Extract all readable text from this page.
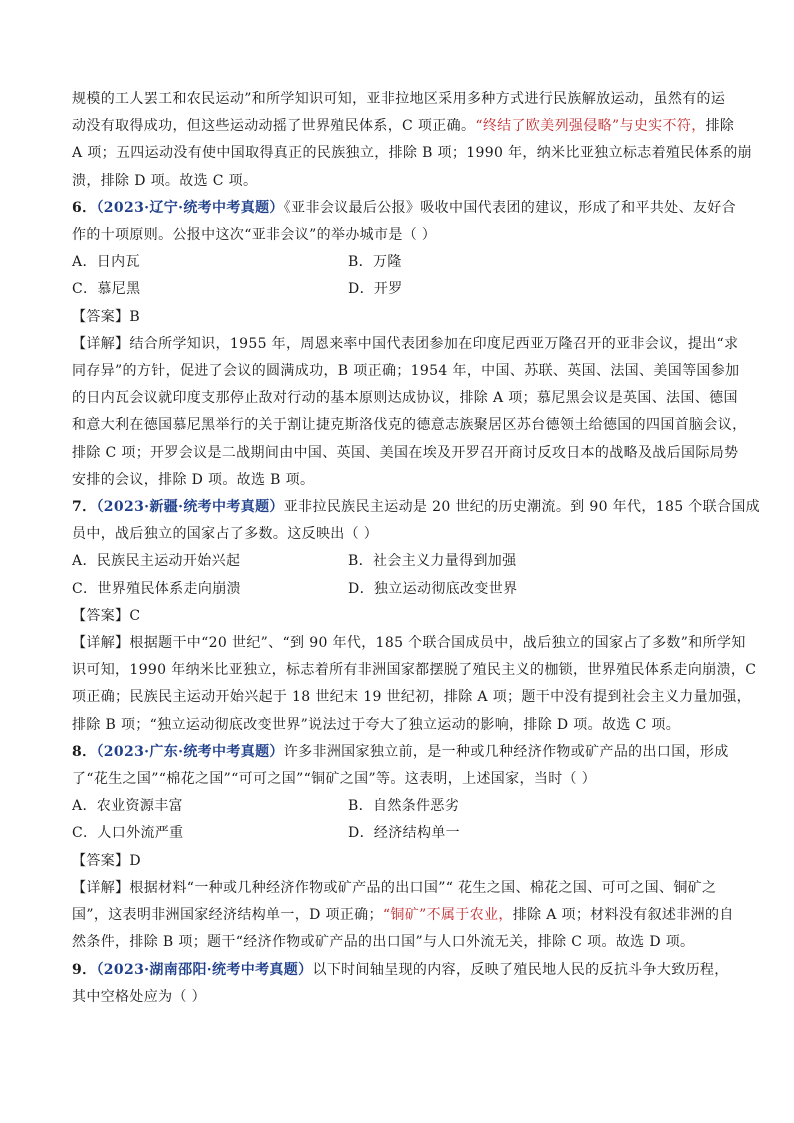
规模的工人罢工和农民运动”和所学知识可知，亚非拉地区采用多种方式进行民族解放运动，虽然有的运

动没有取得成功，但这些运动动摇了世界殖民体系，C 项正确。“终结了欧美列强侵略”与史实不符，排除

A 项；五四运动没有使中国取得真正的民族独立，排除 B 项；1990 年，纳米比亚独立标志着殖民体系的崩

溃，排除 D 项。故选 C 项。

6．（2023·辽宁·统考中考真题）《亚非会议最后公报》吸收中国代表团的建议，形成了和平共处、友好合

作的十项原则。公报中这次“亚非会议”的举办城市是（ ）

A．日内瓦	B．万隆
C．慕尼黑	D．开罗

【答案】B

【详解】结合所学知识，1955 年，周恩来率中国代表团参加在印度尼西亚万隆召开的亚非会议，提出“求

同存异”的方针，促进了会议的圆满成功，B 项正确；1954 年，中国、苏联、英国、法国、美国等国参加

的日内瓦会议就印度支那停止敌对行动的基本原则达成协议，排除 A 项；慕尼黑会议是英国、法国、德国

和意大利在德国慕尼黑举行的关于割让捷克斯洛伐克的德意志族聚居区苏台德领土给德国的四国首脑会议，

排除 C 项；开罗会议是二战期间由中国、英国、美国在埃及开罗召开商讨反攻日本的战略及战后国际局势

安排的会议，排除 D 项。故选 B 项。

7．（2023·新疆·统考中考真题）亚非拉民族民主运动是 20 世纪的历史潮流。到 90 年代，185 个联合国成

员中，战后独立的国家占了多数。这反映出（ ）

A．民族民主运动开始兴起	B．社会主义力量得到加强
C．世界殖民体系走向崩溃	D．独立运动彻底改变世界

【答案】C

【详解】根据题干中“20 世纪”、“到 90 年代，185 个联合国成员中，战后独立的国家占了多数”和所学知

识可知，1990 年纳米比亚独立，标志着所有非洲国家都摆脱了殖民主义的枷锁，世界殖民体系走向崩溃，C

项正确；民族民主运动开始兴起于 18 世纪末 19 世纪初，排除 A 项；题干中没有提到社会主义力量加强，

排除 B 项；“独立运动彻底改变世界”说法过于夸大了独立运动的影响，排除 D 项。故选 C 项。

8．（2023·广东·统考中考真题）许多非洲国家独立前，是一种或几种经济作物或矿产品的出口国，形成

了“花生之国”“棉花之国”“可可之国”“铜矿之国”等。这表明，上述国家，当时（ ）

A．农业资源丰富	B．自然条件恶劣
C．人口外流严重	D．经济结构单一

【答案】D

【详解】根据材料“一种或几种经济作物或矿产品的出口国”“ 花生之国、棉花之国、可可之国、铜矿之

国”，这表明非洲国家经济结构单一，D 项正确；“铜矿”不属于农业，排除 A 项；材料没有叙述非洲的自

然条件，排除 B 项；题干“经济作物或矿产品的出口国”与人口外流无关，排除 C 项。故选 D 项。

9．（2023·湖南邵阳·统考中考真题）以下时间轴呈现的内容，反映了殖民地人民的反抗斗争大致历程，

其中空格处应为（ ）
